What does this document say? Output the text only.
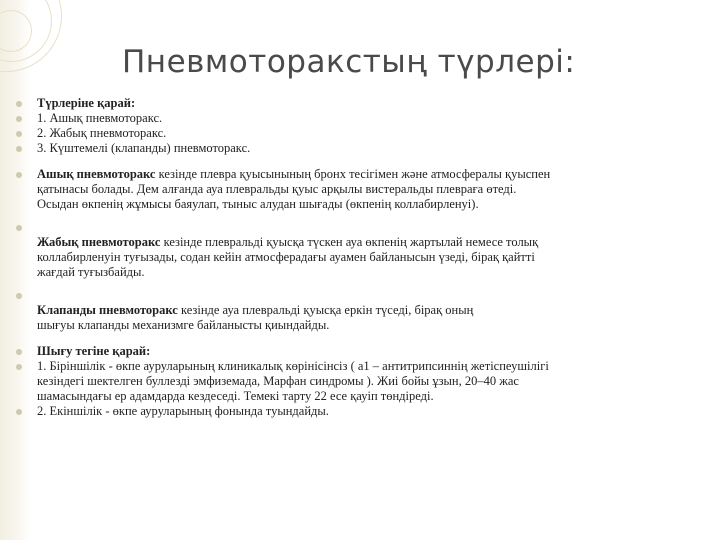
Пневмоторакстың түрлері:
Түрлеріне қарай:
1. Ашық пневмоторакс.
2. Жабық пневмоторакс.
3. Күштемелі (клапанды) пневмоторакс.
Ашық пневмоторакс кезінде плевра қуысынының бронх тесігімен және атмосфералы қуыспен
қатынасы болады. Дем алғанда ауа плевральды қуыс арқылы вистеральды плевраға өтеді.
Осыдан өкпенің жұмысы баяулап, тыныс алудан шығады (өкпенің коллабирленуі).

Жабық пневмоторакс кезінде плевральді қуысқа түскен ауа өкпенің жартылай немесе толық
коллабирленуін туғызады, содан кейін атмосферадағы ауамен байланысын үзеді, бірaқ қайтті
жағдай туғызбайды.

Клапанды пневмоторакс кезінде ауа плевральді қуысқа еркін түседі, бірaқ оның
шығуы клапанды механизмге байланысты қиындайды.
Шығу тегіне қарай:
1. Біріншілік - өкпе ауруларының клиникалық көрінісінсіз ( a1 – антитрипсиннің жетіспеушілігі
кезіндегі шектелген буллезді эмфиземада, Марфан синдромы ). Жиі бойы ұзын, 20–40 жас
шамасындағы ер адамдарда кездеседі. Темекі тарту 22 есе қауіп төндіреді.
2. Екіншілік - өкпе ауруларының фонында туындайды.
